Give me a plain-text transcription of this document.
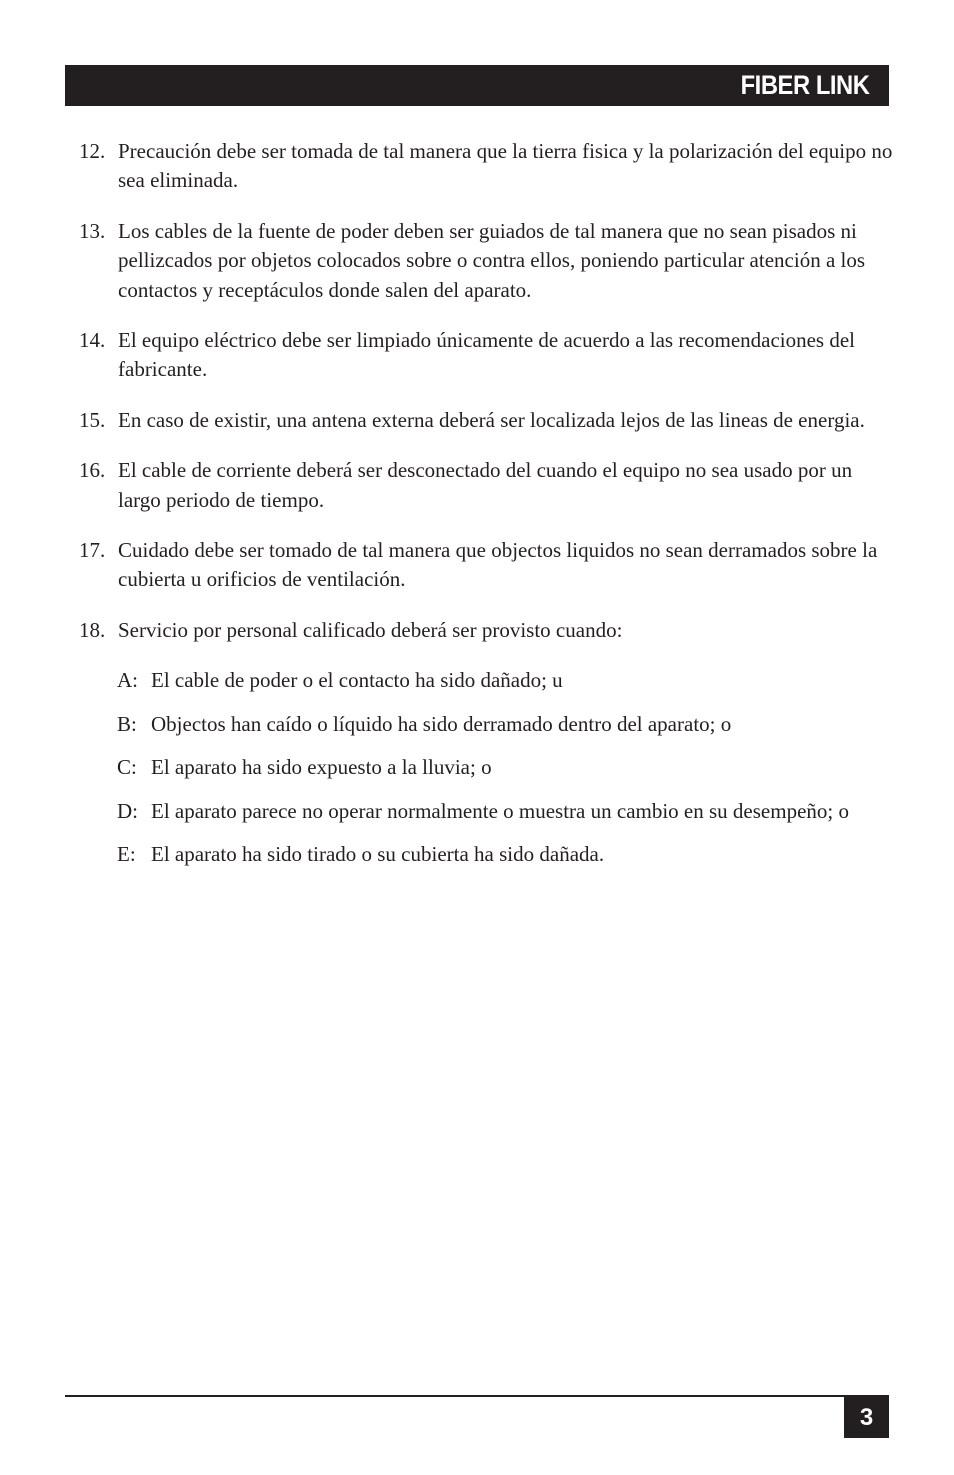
FIBER LINK
12. Precaución debe ser tomada de tal manera que la tierra fisica y la polarización del equipo no sea eliminada.
13. Los cables de la fuente de poder deben ser guiados de tal manera que no sean pisados ni pellizcados por objetos colocados sobre o contra ellos, poniendo particular atención a los contactos y receptáculos donde salen del aparato.
14. El equipo eléctrico debe ser limpiado únicamente de acuerdo a las recomendaciones del fabricante.
15. En caso de existir, una antena externa deberá ser localizada lejos de las lineas de energia.
16. El cable de corriente deberá ser desconectado del cuando el equipo no sea usado por un largo periodo de tiempo.
17. Cuidado debe ser tomado de tal manera que objectos liquidos no sean derramados sobre la cubierta u orificios de ventilación.
18. Servicio por personal calificado deberá ser provisto cuando:
A: El cable de poder o el contacto ha sido dañado; u
B: Objectos han caído o líquido ha sido derramado dentro del aparato; o
C: El aparato ha sido expuesto a la lluvia; o
D: El aparato parece no operar normalmente o muestra un cambio en su desempeño; o
E: El aparato ha sido tirado o su cubierta ha sido dañada.
3
